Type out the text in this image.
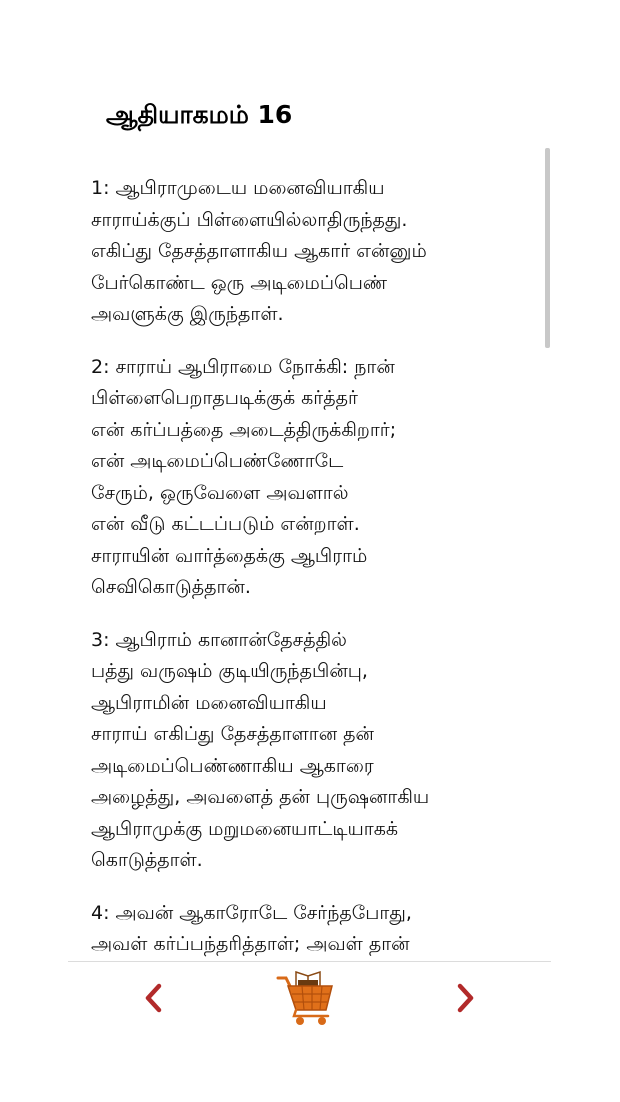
ஆதியாகமம் 16
1: ஆபிராமுடைய மனைவியாகிய
சாராய்க்குப் பிள்ளையில்லாதிருந்தது.
எகிப்து தேசத்தாளாகிய ஆகார் என்னும்
பேர்கொண்ட ஒரு அடிமைப்பெண்
அவளுக்கு இருந்தாள்.
2: சாராய் ஆபிராமை நோக்கி: நான்
பிள்ளைபெறாதபடிக்குக் கர்த்தர்
என் கர்ப்பத்தை அடைத்திருக்கிறார்;
என் அடிமைப்பெண்ணோடே
சேரும், ஒருவேளை அவளால்
என் வீடு கட்டப்படும் என்றாள்.
சாராயின் வார்த்தைக்கு ஆபிராம்
செவிகொடுத்தான்.
3: ஆபிராம் கானான்தேசத்தில்
பத்து வருஷம் குடியிருந்தபின்பு,
ஆபிராமின் மனைவியாகிய
சாராய் எகிப்து தேசத்தாளான தன்
அடிமைப்பெண்ணாகிய ஆகாரை
அழைத்து, அவளைத் தன் புருஷனாகிய
ஆபிராமுக்கு மறுமனையாட்டியாகக்
கொடுத்தாள்.
4: அவன் ஆகாரோடே சேர்ந்தபோது,
அவள் கர்ப்பந்தரித்தாள்; அவள் தான்
